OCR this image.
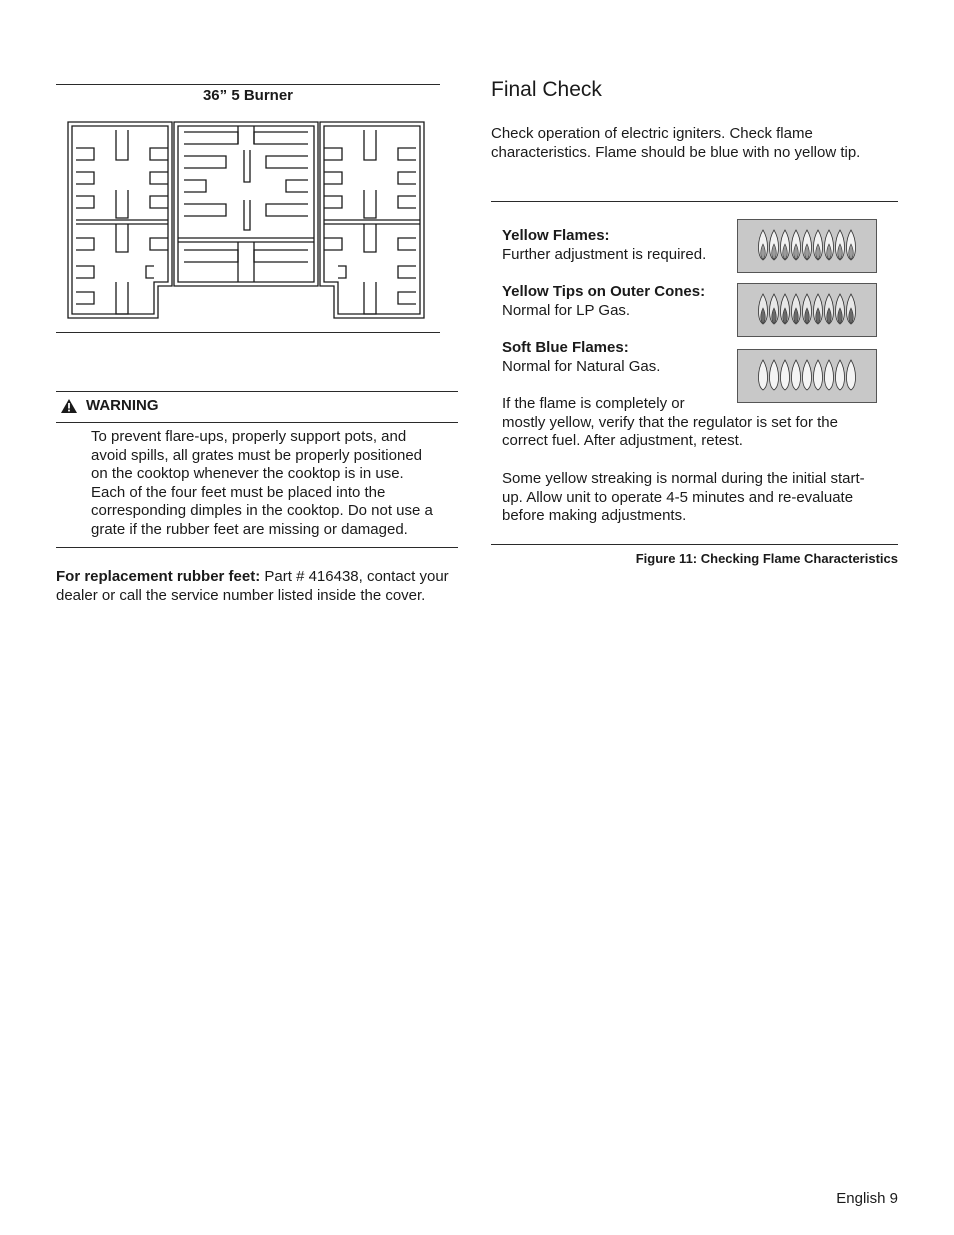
36” 5 Burner
WARNING
To prevent flare-ups, properly support pots, and
avoid spills, all grates must be properly positioned
on the cooktop whenever the cooktop is in use.
Each of the four feet must be placed into the
corresponding dimples in the cooktop. Do not use a
grate if the rubber feet are missing or damaged.
For replacement rubber feet: Part # 416438, contact your
dealer or call the service number listed inside the cover.
Final Check
Check operation of electric igniters. Check flame
characteristics. Flame should be blue with no yellow tip.
Yellow Flames:
Further adjustment is required.
Yellow Tips on Outer Cones:
Normal for LP Gas.
Soft Blue Flames:
Normal for Natural Gas.
If the flame is completely or
mostly yellow, verify that the regulator is set for the
correct fuel. After adjustment, retest.
Some yellow streaking is normal during the initial start-
up. Allow unit to operate 4-5 minutes and re-evaluate
before making adjustments.
Figure 11: Checking Flame Characteristics
English 9
